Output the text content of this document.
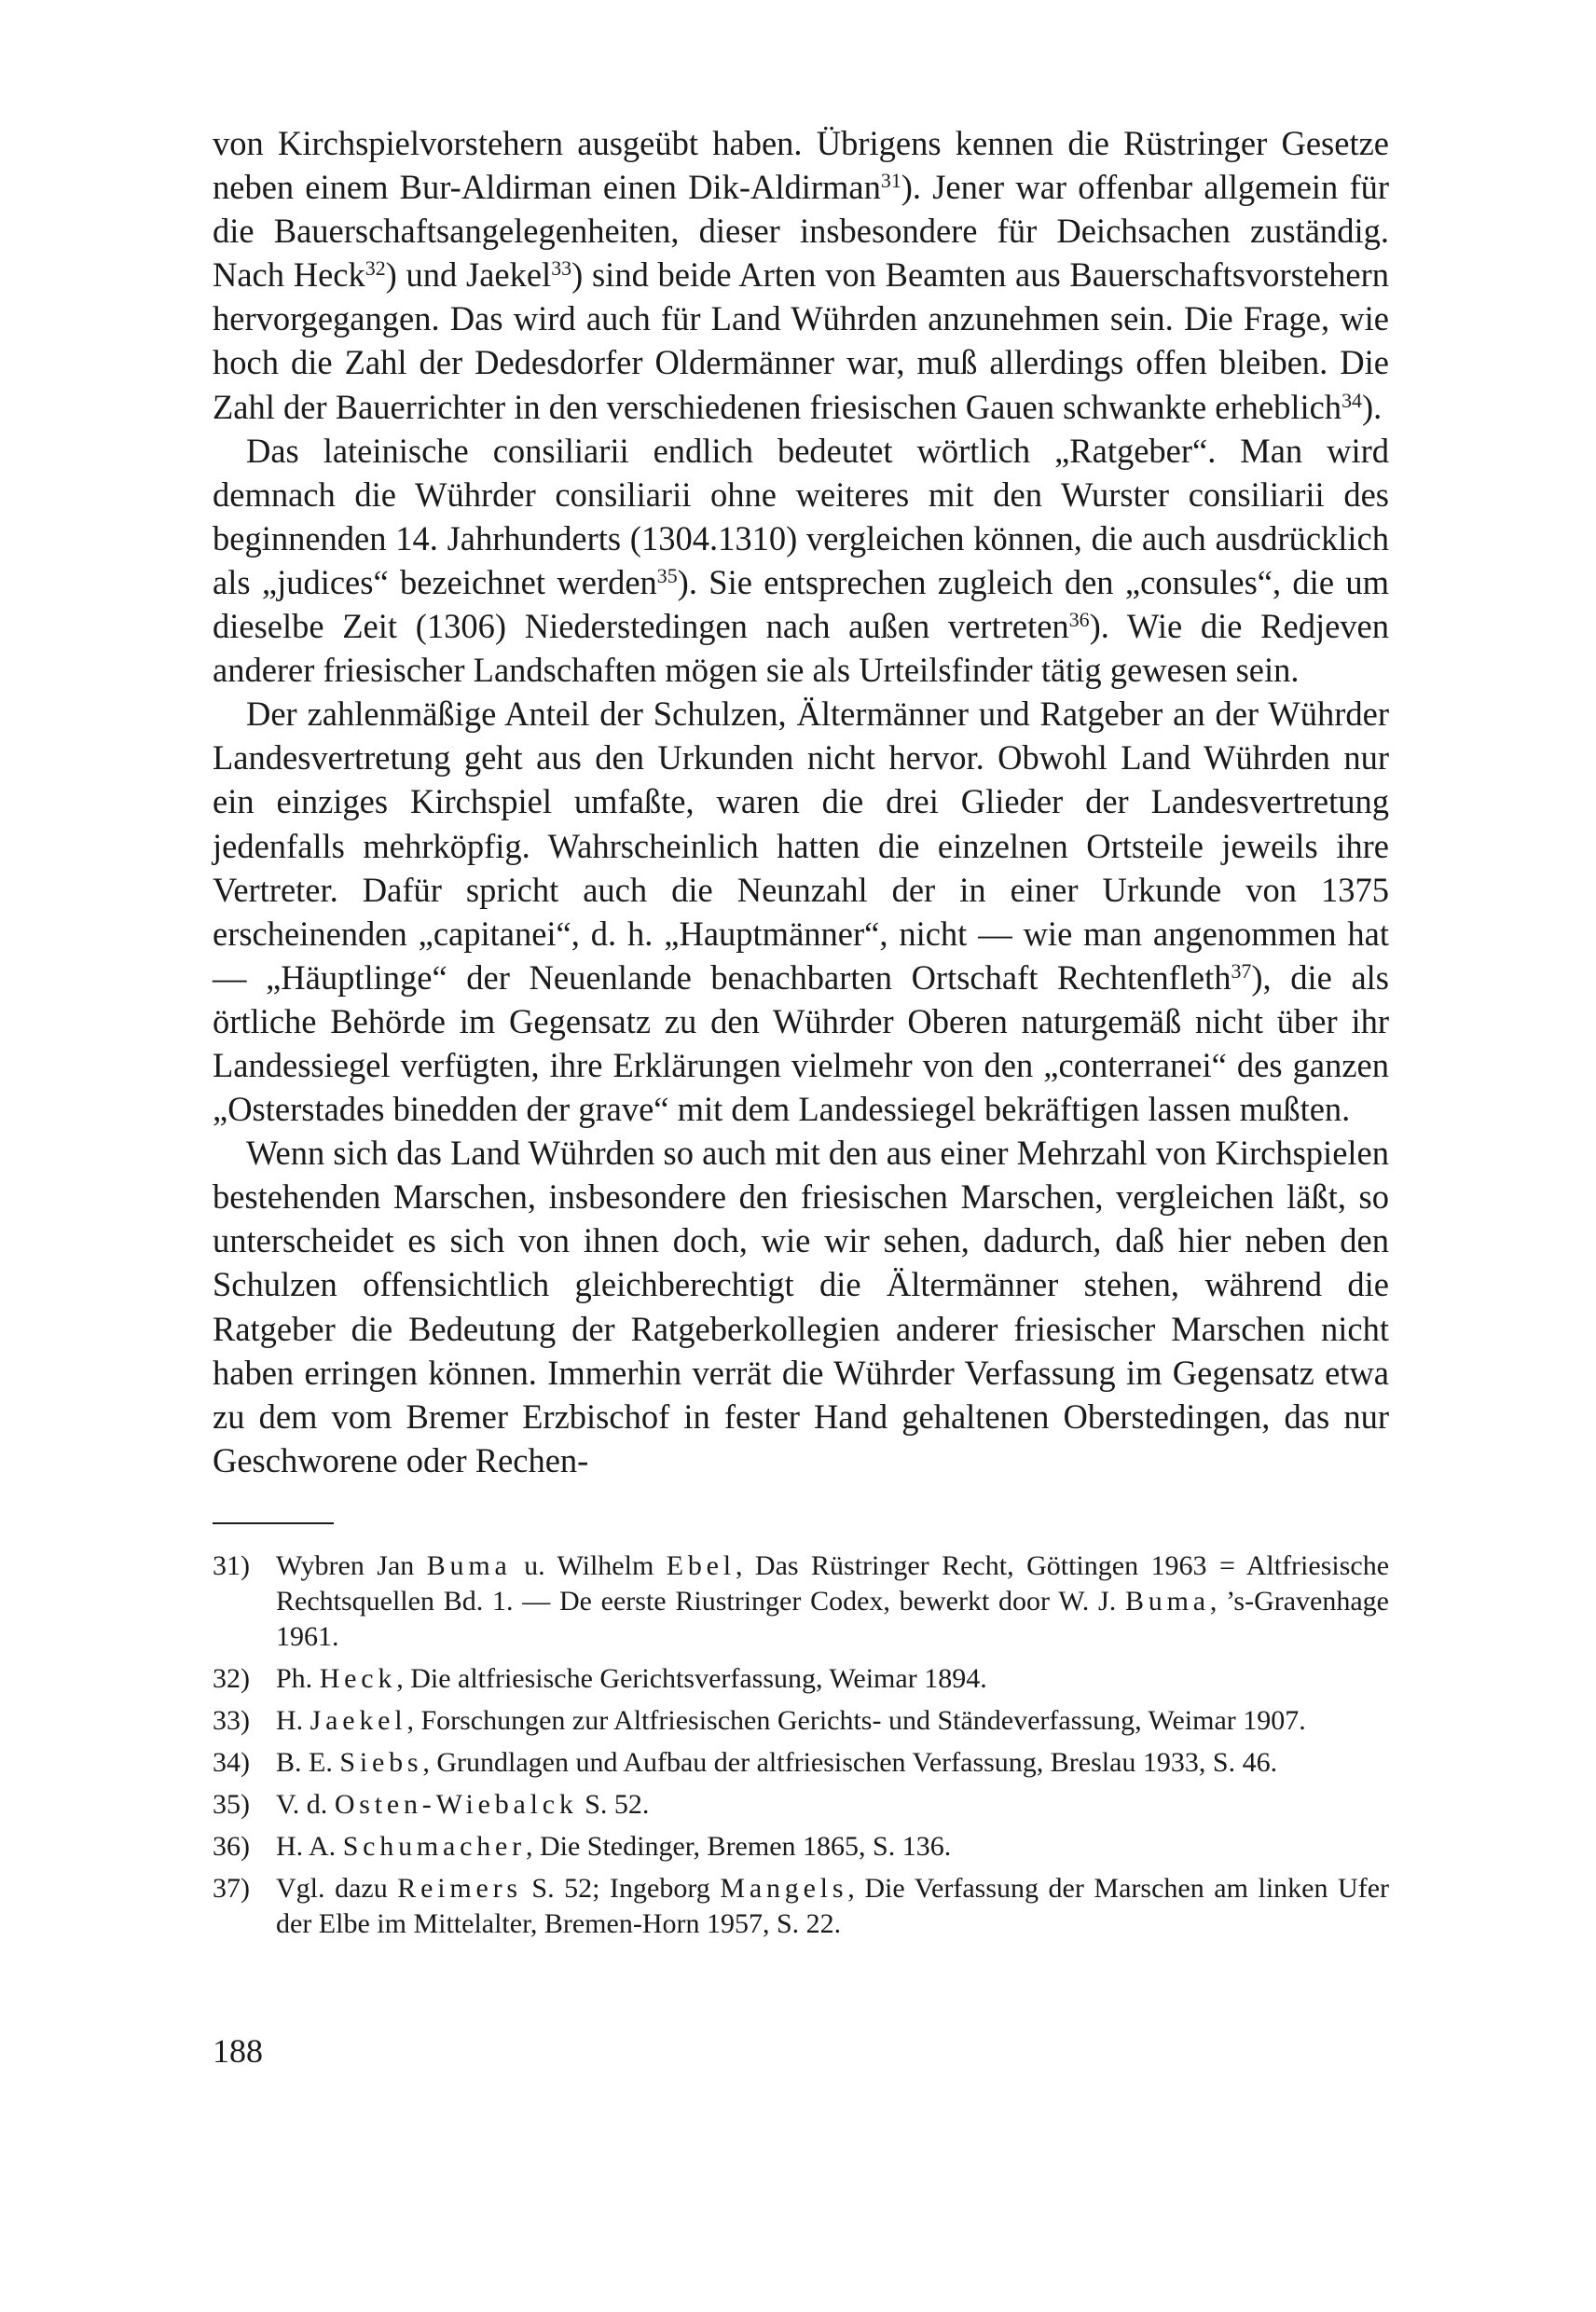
von Kirchspielvorstehern ausgeübt haben. Übrigens kennen die Rüstringer Gesetze neben einem Bur-Aldirman einen Dik-Aldirman$^{31}$). Jener war offenbar allgemein für die Bauerschaftsangelegenheiten, dieser insbesondere für Deichsachen zuständig. Nach Heck$^{32}$) und Jaekel$^{33}$) sind beide Arten von Beamten aus Bauerschaftsvorstehern hervorgegangen. Das wird auch für Land Wührden anzunehmen sein. Die Frage, wie hoch die Zahl der Dedesdorfer Oldermänner war, muß allerdings offen bleiben. Die Zahl der Bauerrichter in den verschiedenen friesischen Gauen schwankte erheblich$^{34}$).

Das lateinische consiliarii endlich bedeutet wörtlich „Ratgeber“. Man wird demnach die Wührder consiliarii ohne weiteres mit den Wurster consiliarii des beginnenden 14. Jahrhunderts (1304.1310) vergleichen können, die auch ausdrücklich als „judices“ bezeichnet werden$^{35}$). Sie entsprechen zugleich den „consules“, die um dieselbe Zeit (1306) Niederstedingen nach außen vertreten$^{36}$). Wie die Redjeven anderer friesischer Landschaften mögen sie als Urteilsfinder tätig gewesen sein.

Der zahlenmäßige Anteil der Schulzen, Ältermänner und Ratgeber an der Wührder Landesvertretung geht aus den Urkunden nicht hervor. Obwohl Land Wührden nur ein einziges Kirchspiel umfaßte, waren die drei Glieder der Landesvertretung jedenfalls mehrköpfig. Wahrscheinlich hatten die einzelnen Ortsteile jeweils ihre Vertreter. Dafür spricht auch die Neunzahl der in einer Urkunde von 1375 erscheinenden „capitanei“, d. h. „Hauptmänner“, nicht — wie man angenommen hat — „Häuptlinge“ der Neuenlande benachbarten Ortschaft Rechtenfleth$^{37}$), die als örtliche Behörde im Gegensatz zu den Wührder Oberen naturgemäß nicht über ihr Landessiegel verfügten, ihre Erklärungen vielmehr von den „conterranei“ des ganzen „Osterstades binedden der grave“ mit dem Landessiegel bekräftigen lassen mußten.

Wenn sich das Land Wührden so auch mit den aus einer Mehrzahl von Kirchspielen bestehenden Marschen, insbesondere den friesischen Marschen, vergleichen läßt, so unterscheidet es sich von ihnen doch, wie wir sehen, dadurch, daß hier neben den Schulzen offensichtlich gleichberechtigt die Ältermänner stehen, während die Ratgeber die Bedeutung der Ratgeberkollegien anderer friesischer Marschen nicht haben erringen können. Immerhin verrät die Wührder Verfassung im Gegensatz etwa zu dem vom Bremer Erzbischof in fester Hand gehaltenen Oberstedingen, das nur Geschworene oder Rechen-

31) Wybren Jan Buma u. Wilhelm Ebel, Das Rüstringer Recht, Göttingen 1963 = Altfriesische Rechtsquellen Bd. 1. — De eerste Riustringer Codex, bewerkt door W. J. Buma, ’s-Gravenhage 1961.
32) Ph. Heck, Die altfriesische Gerichtsverfassung, Weimar 1894.
33) H. Jaekel, Forschungen zur Altfriesischen Gerichts- und Ständeverfassung, Weimar 1907.
34) B. E. Siebs, Grundlagen und Aufbau der altfriesischen Verfassung, Breslau 1933, S. 46.
35) V. d. Osten-Wiebalck S. 52.
36) H. A. Schumacher, Die Stedinger, Bremen 1865, S. 136.
37) Vgl. dazu Reimers S. 52; Ingeborg Mangels, Die Verfassung der Marschen am linken Ufer der Elbe im Mittelalter, Bremen-Horn 1957, S. 22.
188
